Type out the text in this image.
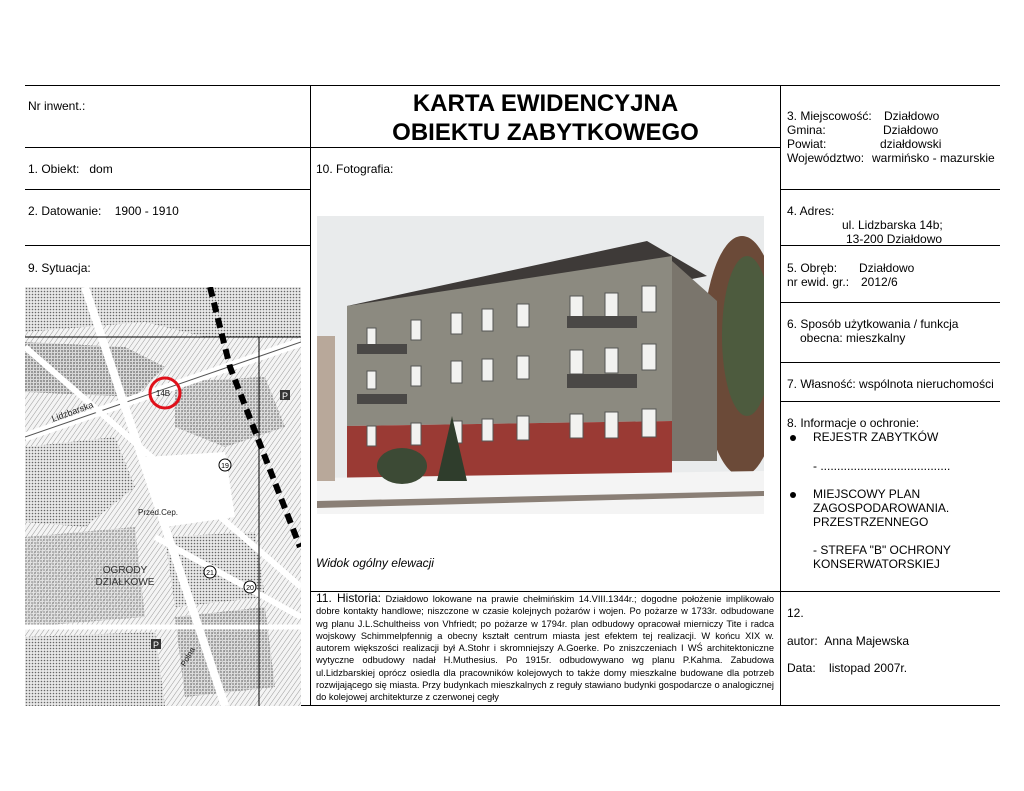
Nr inwent.:
1. Obiekt: dom
2. Datowanie: 1900 - 1910
9. Sytuacja:
Lidzbarska
Polna
Przed.Cep.
OGRODY
DZIAŁKOWE
21
19
20
P
P
14B
KARTA EWIDENCYJNA
OBIEKTU ZABYTKOWEGO
10. Fotografia:
Widok ogólny elewacji
11. Historia: Działdowo lokowane na prawie chełmińskim 14.VIII.1344r.; dogodne położenie implikowało dobre kontakty handlowe; niszczone w czasie kolejnych pożarów i wojen. Po pożarze w 1733r. odbudowane wg planu J.L.Schultheiss von Vhfriedt; po pożarze w 1794r. plan odbudowy opracował mierniczy Tite i radca wojskowy Schimmelpfennig a obecny kształt centrum miasta jest efektem tej realizacji. W końcu XIX w. autorem większości realizacji był A.Stohr i skromniejszy A.Goerke. Po zniszczeniach I WŚ architektoniczne wytyczne odbudowy nadał H.Muthesius. Po 1915r. odbudowywano wg planu P.Kahma. Zabudowa ul.Lidzbarskiej oprócz osiedla dla pracowników kolejowych to także domy mieszkalne budowane dla potrzeb rozwijającego się miasta. Przy budynkach mieszkalnych z reguły stawiano budynki gospodarcze o analogicznej do kolejowej architekturze z czerwonej cegły
3. Miejscowość: Działdowo
Gmina:	Działdowo
Powiat:	działdowski
Województwo: warmińsko - mazurskie
4. Adres:
ul. Lidzbarska 14b;
13-200 Działdowo
5. Obręb: Działdowo
nr ewid. gr.: 2012/6
6. Sposób użytkowania / funkcja
obecna: mieszkalny
7. Własność: wspólnota nieruchomości
8. Informacje o ochronie:
REJESTR ZABYTKÓW
- .......................................
MIEJSCOWY PLAN
ZAGOSPODAROWANIA.
PRZESTRZENNEGO
- STREFA "B" OCHRONY
KONSERWATORSKIEJ
12.
autor: Anna Majewska
Data: listopad 2007r.
